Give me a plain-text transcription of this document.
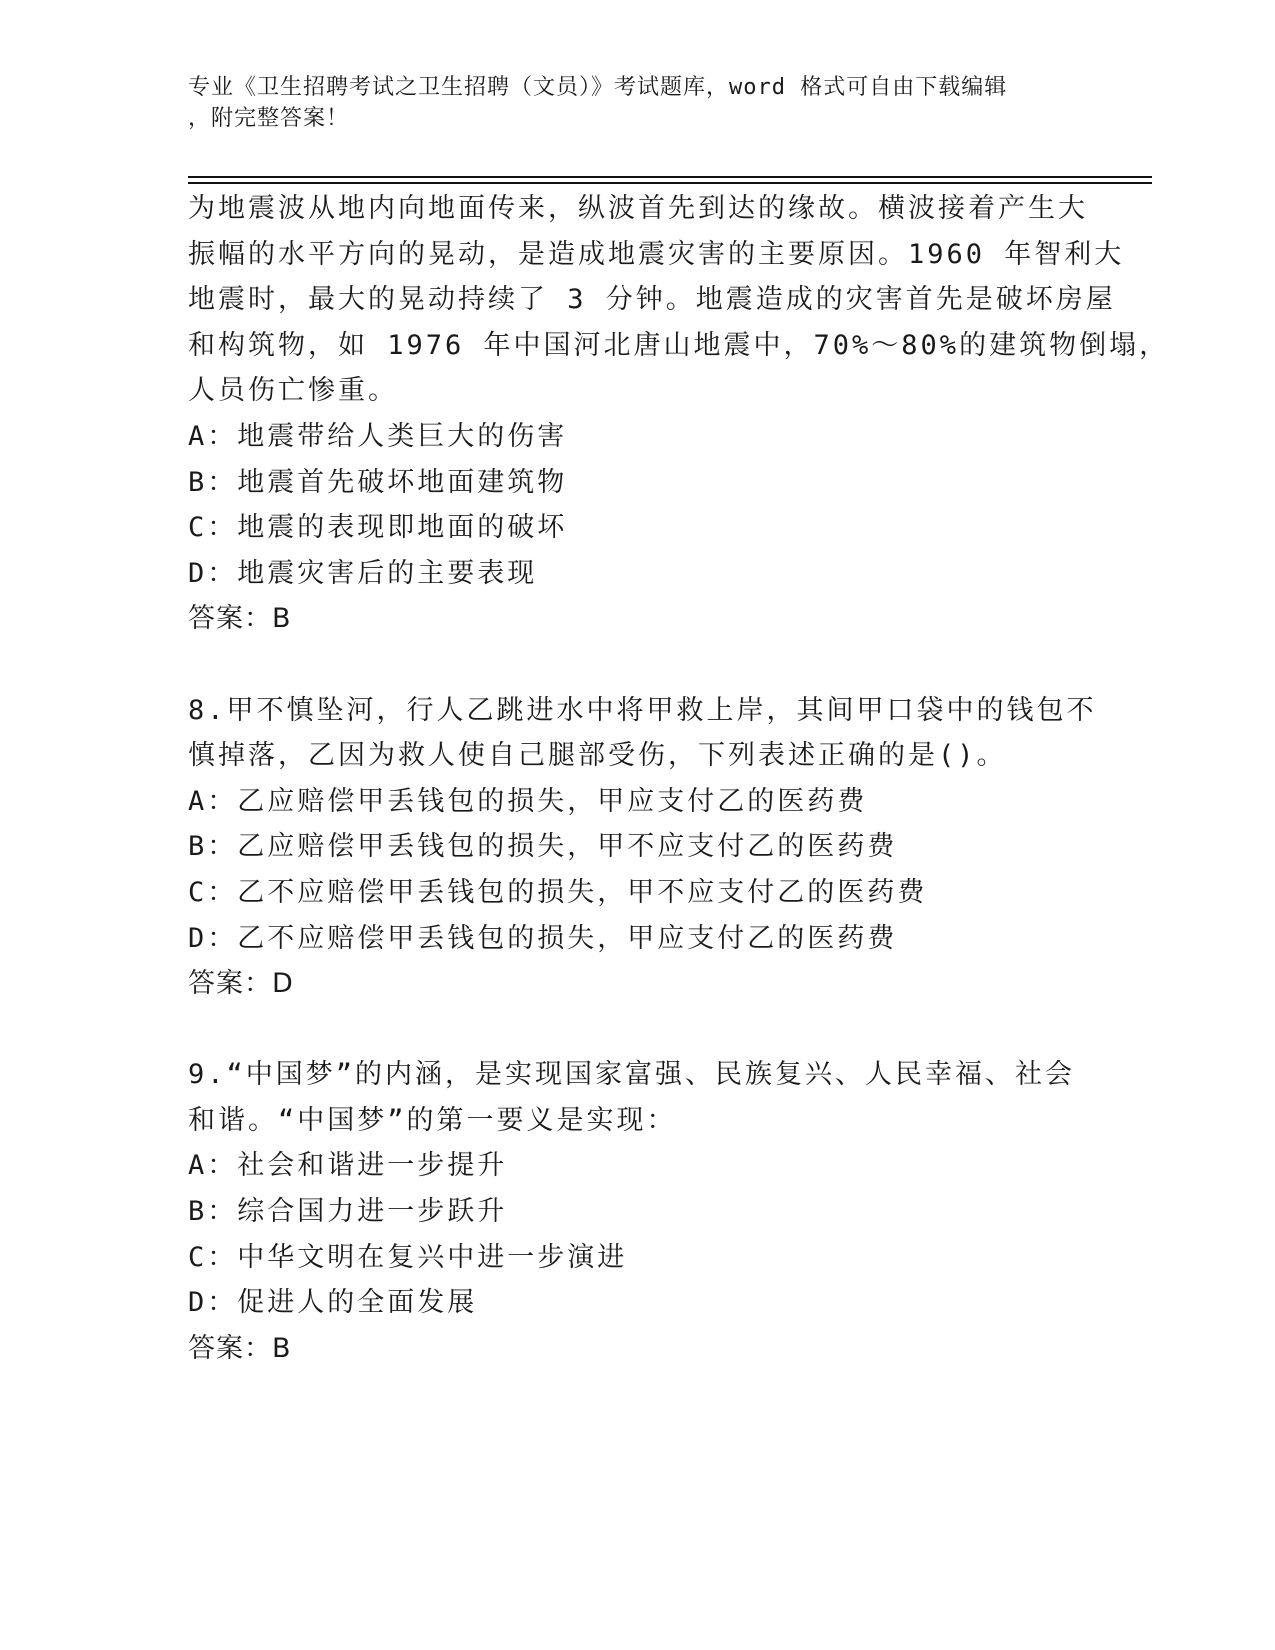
专业《卫生招聘考试之卫生招聘（文员）》考试题库，word 格式可自由下载编辑
，附完整答案！
为地震波从地内向地面传来，纵波首先到达的缘故。横波接着产生大
振幅的水平方向的晃动，是造成地震灾害的主要原因。1960 年智利大
地震时，最大的晃动持续了 3 分钟。地震造成的灾害首先是破坏房屋
和构筑物，如 1976 年中国河北唐山地震中，70%～80%的建筑物倒塌，
人员伤亡惨重。
A：地震带给人类巨大的伤害
B：地震首先破坏地面建筑物
C：地震的表现即地面的破坏
D：地震灾害后的主要表现
答案：B
8.甲不慎坠河，行人乙跳进水中将甲救上岸，其间甲口袋中的钱包不
慎掉落，乙因为救人使自己腿部受伤，下列表述正确的是()。
A：乙应赔偿甲丢钱包的损失，甲应支付乙的医药费
B：乙应赔偿甲丢钱包的损失，甲不应支付乙的医药费
C：乙不应赔偿甲丢钱包的损失，甲不应支付乙的医药费
D：乙不应赔偿甲丢钱包的损失，甲应支付乙的医药费
答案：D
9.“中国梦”的内涵，是实现国家富强、民族复兴、人民幸福、社会
和谐。“中国梦”的第一要义是实现：
A：社会和谐进一步提升
B：综合国力进一步跃升
C：中华文明在复兴中进一步演进
D：促进人的全面发展
答案：B
